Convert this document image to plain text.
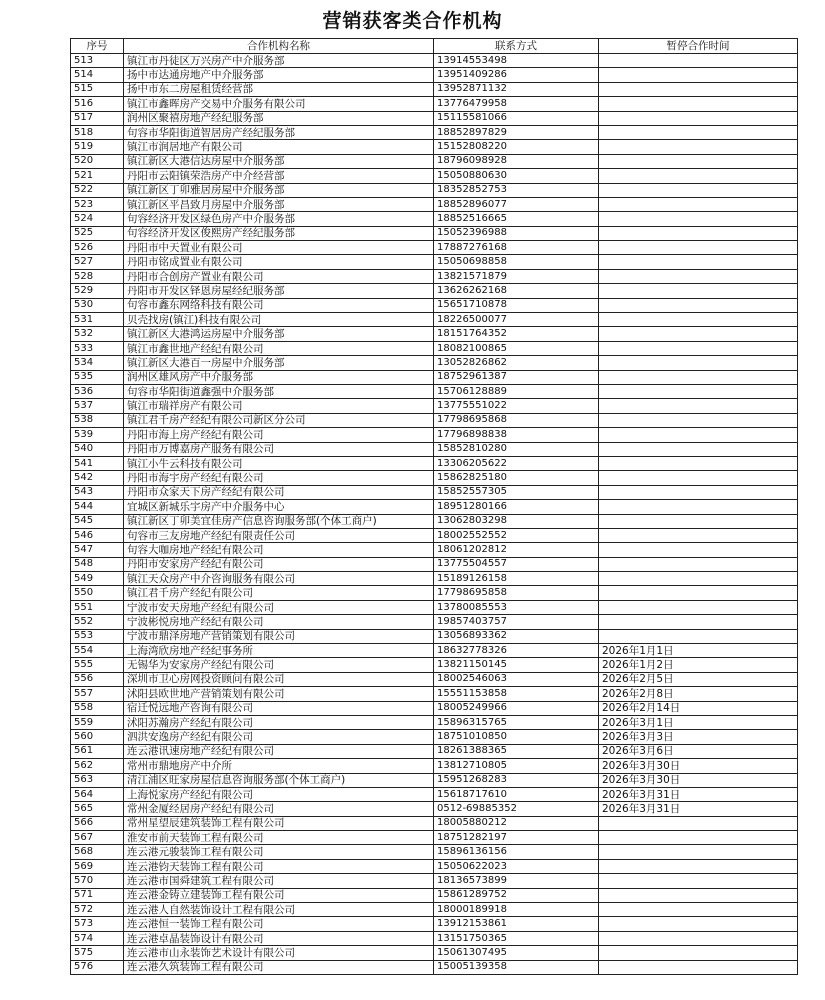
营销获客类合作机构
序号	合作机构名称	联系方式	暂停合作时间
513	镇江市丹徒区万兴房产中介服务部	13914553498	
514	扬中市达通房地产中介服务部	13951409286	
515	扬中市东二房屋租赁经营部	13952871132	
516	镇江市鑫晖房产交易中介服务有限公司	13776479958	
517	润州区聚禧房地产经纪服务部	15115581066	
518	句容市华阳街道智居房产经纪服务部	18852897829	
519	镇江市润居地产有限公司	15152808220	
520	镇江新区大港信达房屋中介服务部	18796098928	
521	丹阳市云阳镇荣浩房产中介经营部	15050880630	
522	镇江新区丁卯雅居房屋中介服务部	18352852753	
523	镇江新区平昌致月房屋中介服务部	18852896077	
524	句容经济开发区绿色房产中介服务部	18852516665	
525	句容经济开发区俊熙房产经纪服务部	15052396988	
526	丹阳市中天置业有限公司	17887276168	
527	丹阳市铭成置业有限公司	15050698858	
528	丹阳市合创房产置业有限公司	13821571879	
529	丹阳市开发区铎恩房屋经纪服务部	13626262168	
530	句容市鑫东网络科技有限公司	15651710878	
531	贝壳找房(镇江)科技有限公司	18226500077	
532	镇江新区大港鸿运房屋中介服务部	18151764352	
533	镇江市鑫世地产经纪有限公司	18082100865	
534	镇江新区大港百一房屋中介服务部	13052826862	
535	润州区雄风房产中介服务部	18752961387	
536	句容市华阳街道鑫强中介服务部	15706128889	
537	镇江市瑞祥房产有限公司	13775551022	
538	镇江君千房产经纪有限公司新区分公司	17798695868	
539	丹阳市海上房产经纪有限公司	17796898838	
540	丹阳市万博嘉房产服务有限公司	15852810280	
541	镇江小牛云科技有限公司	13306205622	
542	丹阳市海宇房产经纪有限公司	15862825180	
543	丹阳市众家天下房产经纪有限公司	15852557305	
544	宜城区新城乐宇房产中介服务中心	18951280166	
545	镇江新区丁卯美宜佳房产信息咨询服务部(个体工商户)	13062803298	
546	句容市三友房地产经纪有限责任公司	18002552552	
547	句容大咖房地产经纪有限公司	18061202812	
548	丹阳市安家房产经纪有限公司	13775504557	
549	镇江天众房产中介咨询服务有限公司	15189126158	
550	镇江君千房产经纪有限公司	17798695858	
551	宁波市安天房地产经纪有限公司	13780085553	
552	宁波彬悦房地产经纪有限公司	19857403757	
553	宁波市鼎泽房地产营销策划有限公司	13056893362	
554	上海湾欣房地产经纪事务所	18632778326	2026年1月1日
555	无锡华为安家房产经纪有限公司	13821150145	2026年1月2日
556	深圳市卫心房网投资顾问有限公司	18002546063	2026年2月5日
557	沭阳县欧世地产营销策划有限公司	15551153858	2026年2月8日
558	宿迁悦远地产咨询有限公司	18005249966	2026年2月14日
559	沭阳苏瀚房产经纪有限公司	15896315765	2026年3月1日
560	泗洪安逸房产经纪有限公司	18751010850	2026年3月3日
561	连云港讯速房地产经纪有限公司	18261388365	2026年3月6日
562	常州市鼎地房产中介所	13812710805	2026年3月30日
563	清江浦区旺家房屋信息咨询服务部(个体工商户)	15951268283	2026年3月30日
564	上海悦家房产经纪有限公司	15618717610	2026年3月31日
565	常州金厦经居房产经纪有限公司	0512-69885352	2026年3月31日
566	常州星望辰建筑装饰工程有限公司	18005880212	
567	淮安市前天装饰工程有限公司	18751282197	
568	连云港元骏装饰工程有限公司	15896136156	
569	连云港钧天装饰工程有限公司	15050622023	
570	连云港市国舜建筑工程有限公司	18136573899	
571	连云港金铸立建装饰工程有限公司	15861289752	
572	连云港人自然装饰设计工程有限公司	18000189918	
573	连云港恒一装饰工程有限公司	13912153861	
574	连云港卓晶装饰设计有限公司	13151750365	
575	连云港市山永装饰艺术设计有限公司	15061307495	
576	连云港久筑装饰工程有限公司	15005139358	
